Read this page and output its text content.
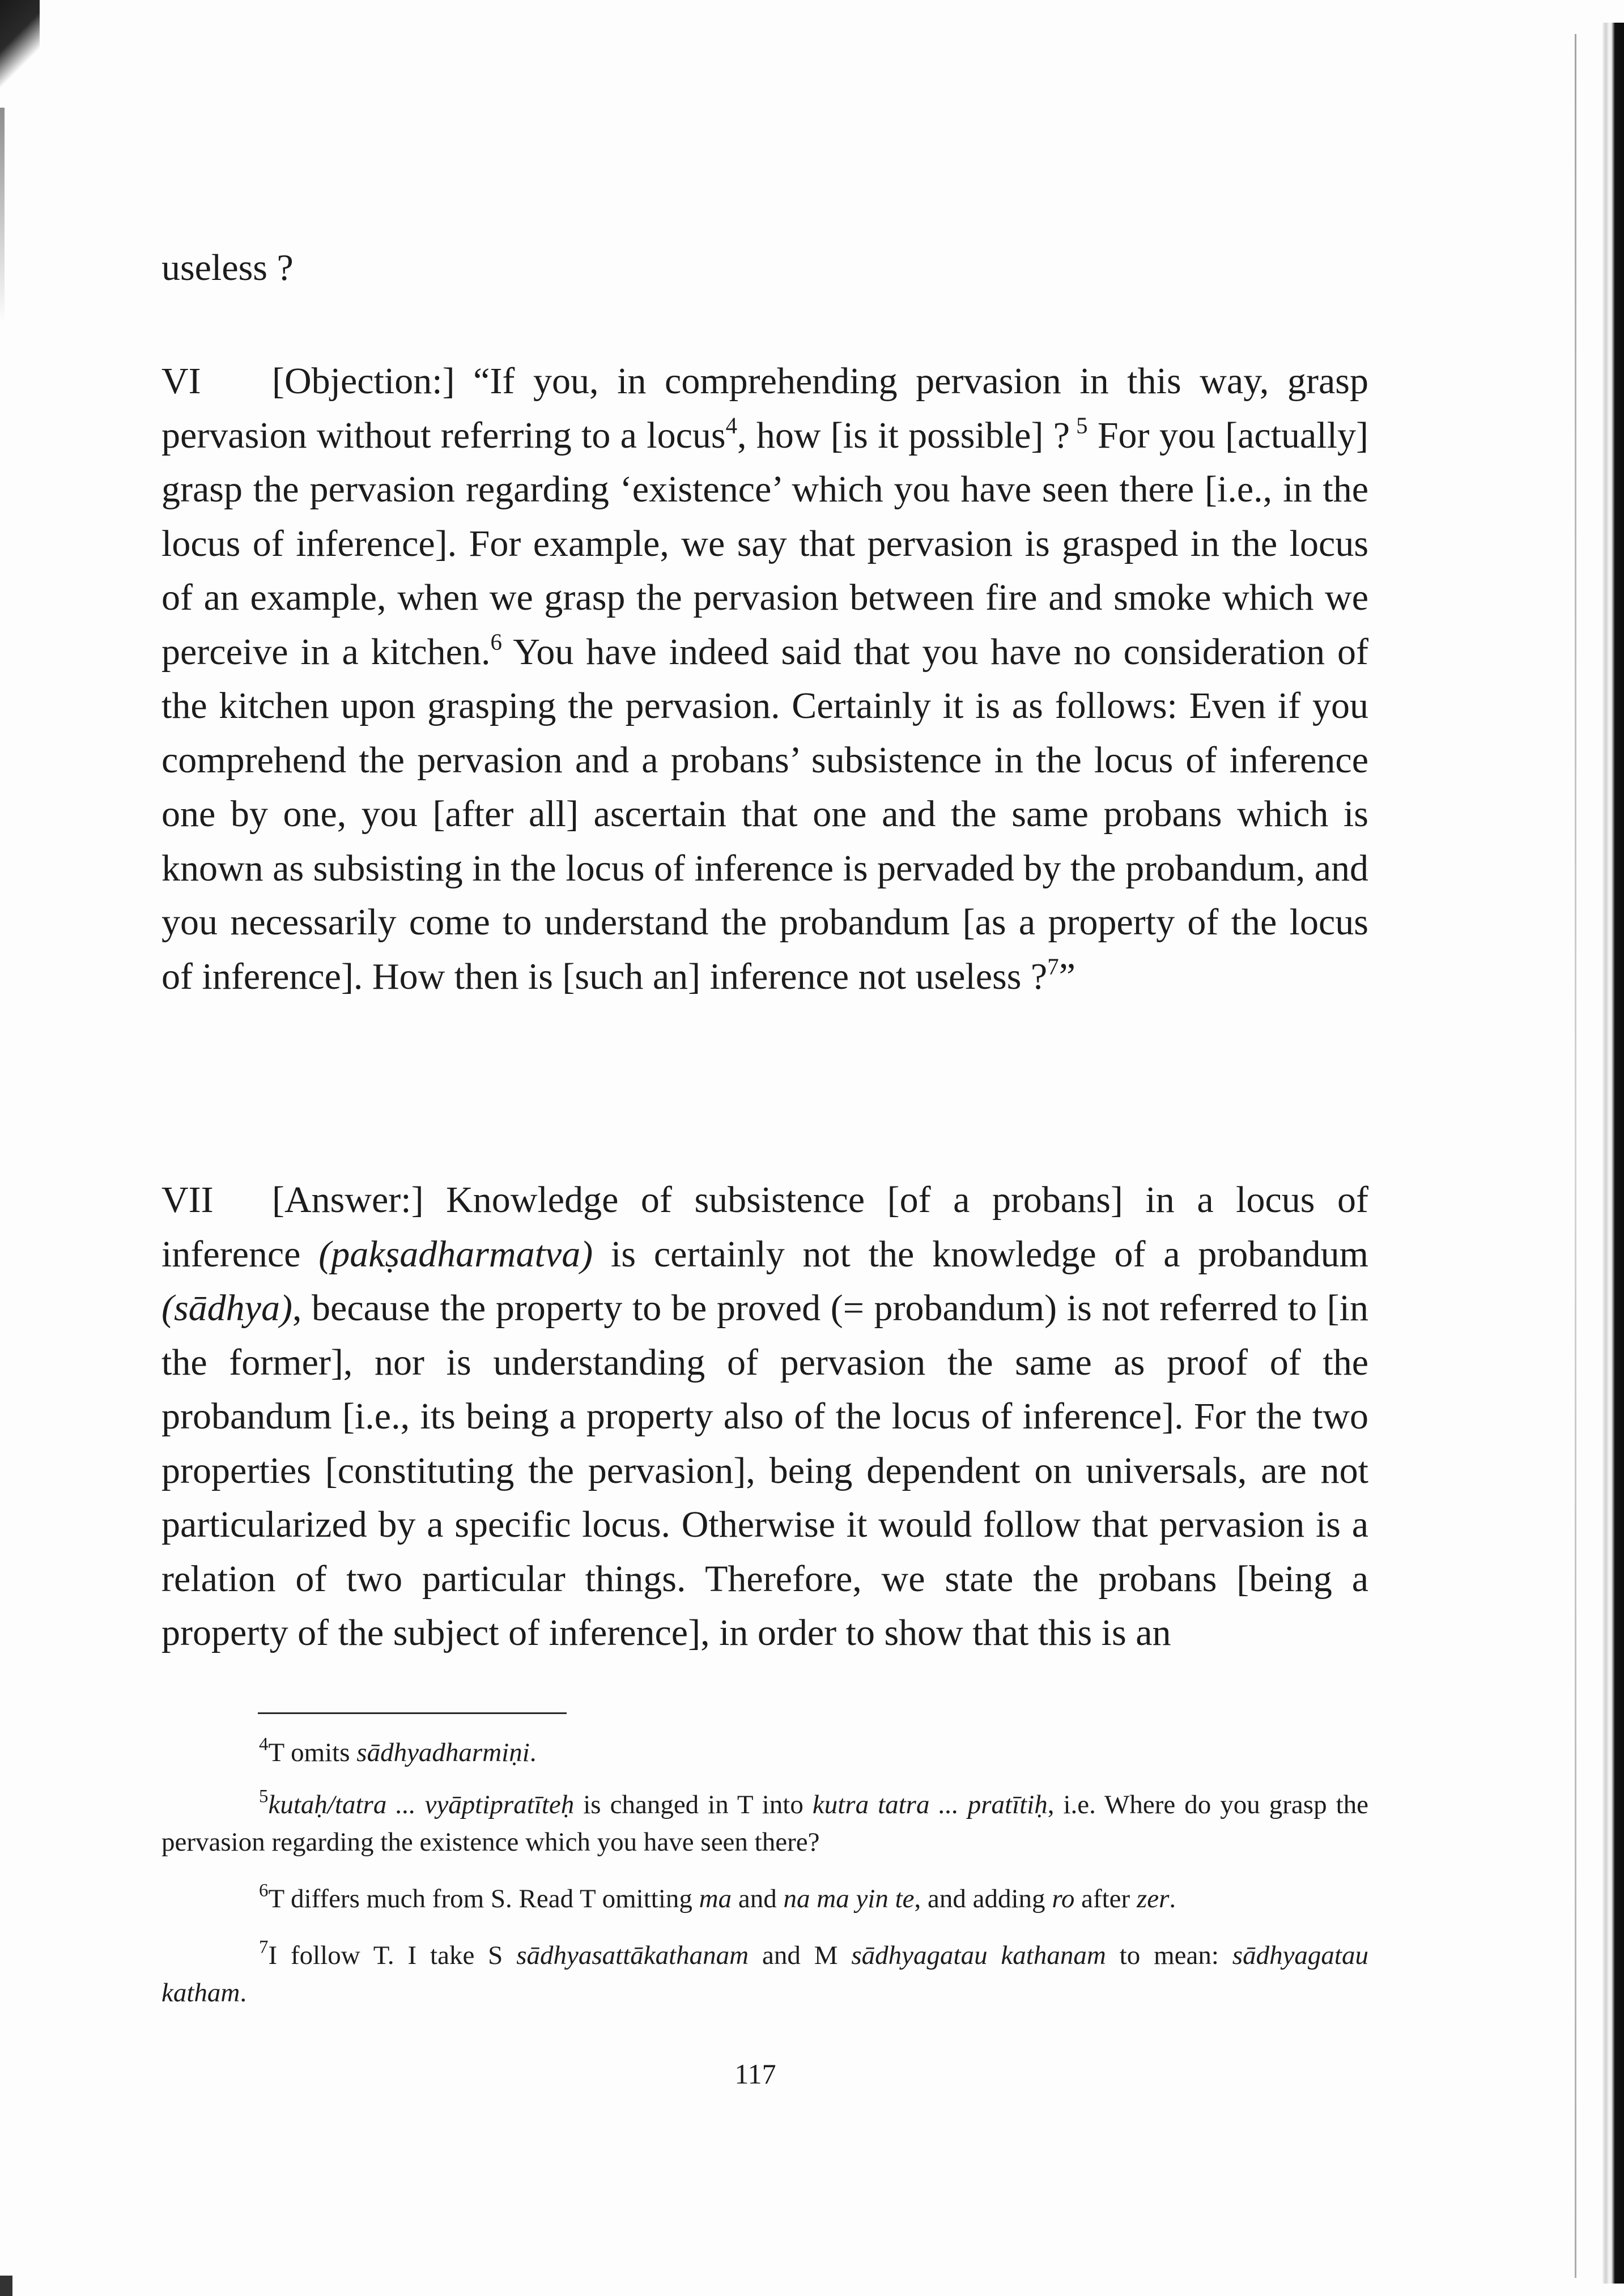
useless ?

VI [Objection:] “If you, in comprehending pervasion in this way, grasp pervasion without referring to a locus$^4$, how [is it possible] ? $^5$ For you [actually] grasp the pervasion regarding ‘existence’ which you have seen there [i.e., in the locus of inference]. For example, we say that pervasion is grasped in the locus of an example, when we grasp the pervasion between fire and smoke which we perceive in a kitchen.$^6$ You have indeed said that you have no consideration of the kitchen upon grasping the pervasion. Certainly it is as follows: Even if you comprehend the pervasion and a probans’ subsistence in the locus of inference one by one, you [after all] ascertain that one and the same probans which is known as subsisting in the locus of inference is pervaded by the probandum, and you necessarily come to understand the probandum [as a property of the locus of inference]. How then is [such an] inference not useless ?$^7$”

VII [Answer:] Knowledge of subsistence [of a probans] in a locus of inference (pakṣadharmatva) is certainly not the knowledge of a probandum (sādhya), because the property to be proved (= probandum) is not referred to [in the former], nor is understanding of pervasion the same as proof of the probandum [i.e., its being a property also of the locus of inference]. For the two properties [constituting the pervasion], being dependent on universals, are not particularized by a specific locus. Otherwise it would follow that pervasion is a relation of two particular things. Therefore, we state the probans [being a property of the subject of inference], in order to show that this is an

$^4$T omits sādhyadharmiṇi.

$^5$kutaḥ/tatra ... vyāptipratīteḥ is changed in T into kutra tatra ... pratītiḥ, i.e. Where do you grasp the pervasion regarding the existence which you have seen there?

$^6$T differs much from S. Read T omitting ma and na ma yin te, and adding ro after zer.

$^7$I follow T. I take S sādhyasattākathanam and M sādhyagatau kathanam to mean: sādhyagatau katham.

117
